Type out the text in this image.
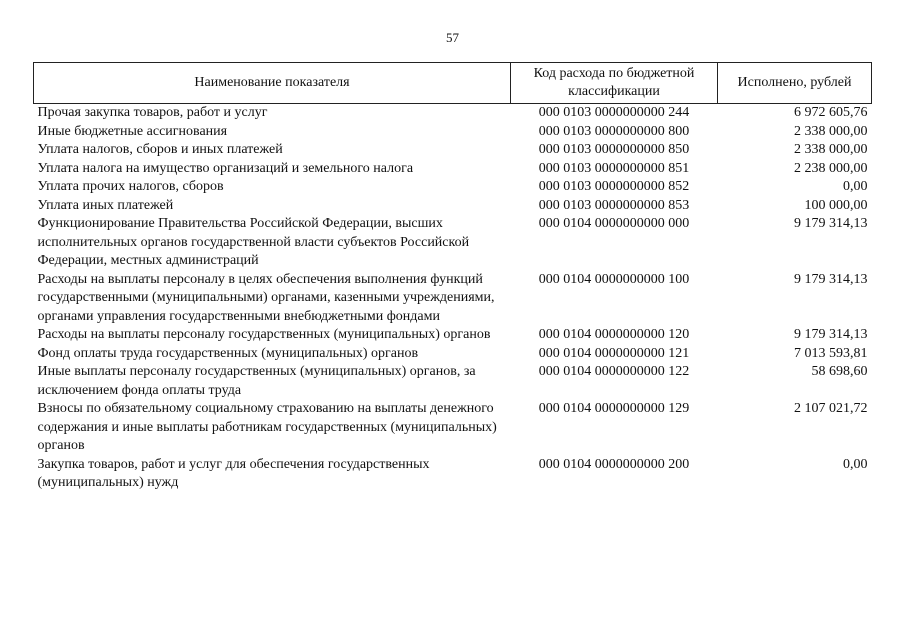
57
Наименование показателя	Код расхода по бюджетной классификации	Исполнено, рублей
Прочая закупка товаров, работ и услуг	000 0103 0000000000 244	6 972 605,76
Иные бюджетные ассигнования	000 0103 0000000000 800	2 338 000,00
Уплата налогов, сборов и иных платежей	000 0103 0000000000 850	2 338 000,00
Уплата налога на имущество организаций и земельного налога	000 0103 0000000000 851	2 238 000,00
Уплата прочих налогов, сборов	000 0103 0000000000 852	0,00
Уплата иных платежей	000 0103 0000000000 853	100 000,00
Функционирование Правительства Российской Федерации, высших исполнительных органов государственной власти субъектов Российской Федерации, местных администраций	000 0104 0000000000 000	9 179 314,13
Расходы на выплаты персоналу в целях обеспечения выполнения функций государственными (муниципальными) органами, казенными учреждениями, органами управления государственными внебюджетными фондами	000 0104 0000000000 100	9 179 314,13
Расходы на выплаты персоналу государственных (муниципальных) органов	000 0104 0000000000 120	9 179 314,13
Фонд оплаты труда государственных (муниципальных) органов	000 0104 0000000000 121	7 013 593,81
Иные выплаты персоналу государственных (муниципальных) органов, за исключением фонда оплаты труда	000 0104 0000000000 122	58 698,60
Взносы по обязательному социальному страхованию на выплаты денежного содержания и иные выплаты работникам государственных (муниципальных) органов	000 0104 0000000000 129	2 107 021,72
Закупка товаров, работ и услуг для обеспечения государственных (муниципальных) нужд	000 0104 0000000000 200	0,00
